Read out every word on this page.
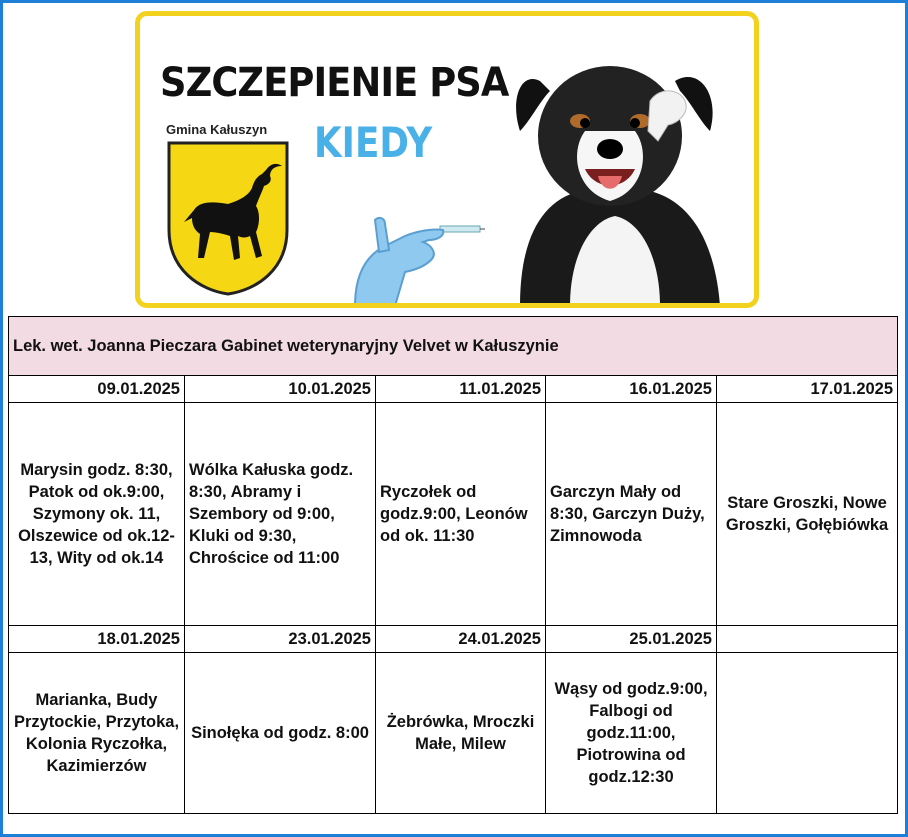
SZCZEPIENIE PSA
Gmina Kałuszyn KIEDY
Lek. wet. Joanna Pieczara Gabinet weterynaryjny Velvet w Kałuszynie				
09.01.2025	10.01.2025	11.01.2025	16.01.2025	17.01.2025
Marysin godz. 8:30, Patok od ok.9:00, Szymony ok. 11, Olszewice od ok.12-13, Wity od ok.14	Wólka Kałuska godz. 8:30, Abramy i Szembory od 9:00, Kluki od 9:30, Chrościce od 11:00	Ryczołek od godz.9:00, Leonów od ok. 11:30	Garczyn Mały od 8:30, Garczyn Duży, Zimnowoda	Stare Groszki, Nowe Groszki, Gołębiówka
18.01.2025	23.01.2025	24.01.2025	25.01.2025	
Marianka, Budy Przytockie, Przytoka, Kolonia Ryczołka, Kazimierzów	Sinołęka od godz. 8:00	Żebrówka, Mroczki Małe, Milew	Wąsy od godz.9:00, Falbogi od godz.11:00, Piotrowina od godz.12:30	
